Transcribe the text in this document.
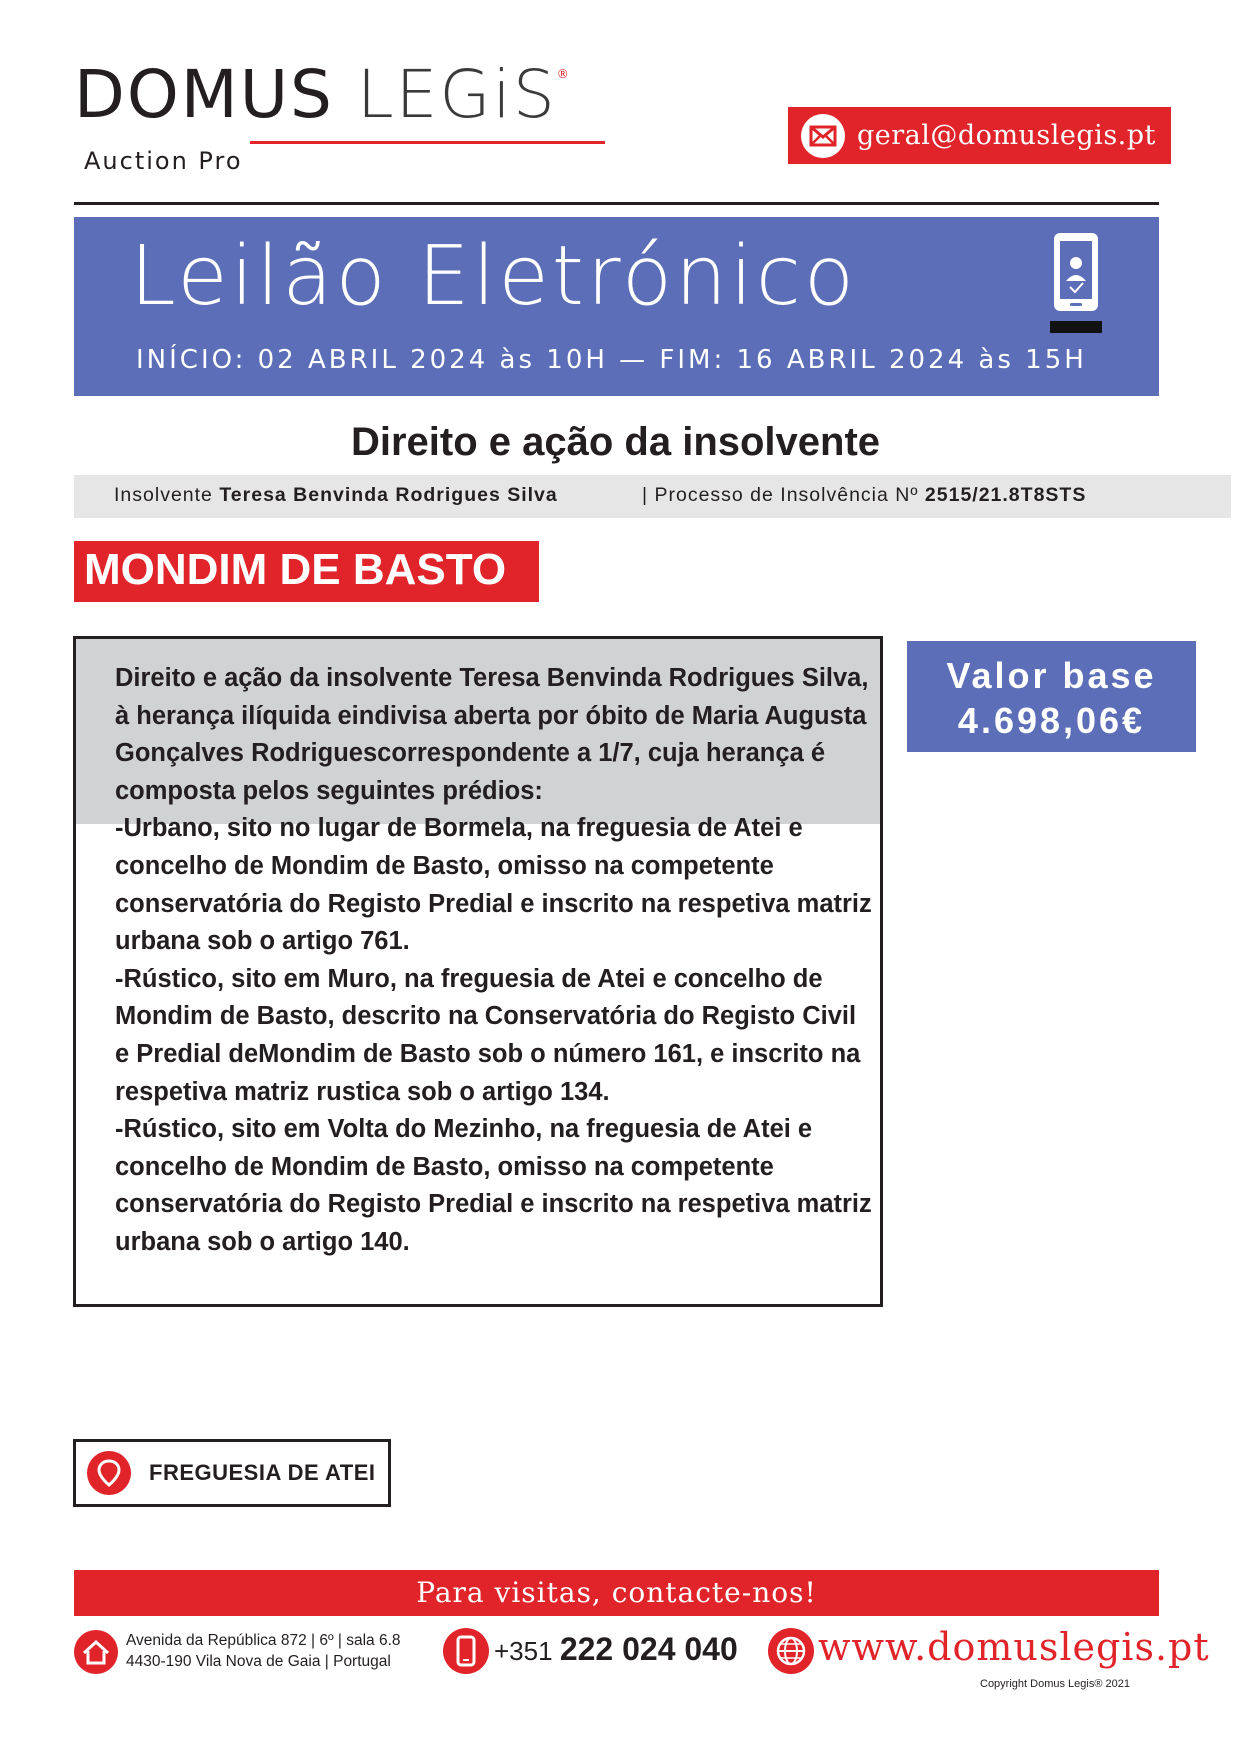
DOMUS LEGiS®
Auction Pro
geral@domuslegis.pt
Leilão Eletrónico
INÍCIO: 02 ABRIL 2024 às 10H — FIM: 16 ABRIL 2024 às 15H
Direito e ação da insolvente
Insolvente Teresa Benvinda Rodrigues Silva	| Processo de Insolvência Nº 2515/21.8T8STS
MONDIM DE BASTO

Direito e ação da insolvente Teresa Benvinda Rodrigues Silva, à herança ilíquida eindivisa aberta por óbito de Maria Augusta Gonçalves Rodriguescorrespondente a 1/7, cuja herança é composta pelos seguintes prédios:

-Urbano, sito no lugar de Bormela, na freguesia de Atei e concelho de Mondim de Basto, omisso na competente conservatória do Registo Predial e inscrito na respetiva matriz urbana sob o artigo 761.

-Rústico, sito em Muro, na freguesia de Atei e concelho de Mondim de Basto, descrito na Conservatória do Registo Civil e Predial deMondim de Basto sob o número 161, e inscrito na respetiva matriz rustica sob o artigo 134.

-Rústico, sito em Volta do Mezinho, na freguesia de Atei e concelho de Mondim de Basto, omisso na competente conservatória do Registo Predial e inscrito na respetiva matriz urbana sob o artigo 140.

Valor base
4.698,06€
FREGUESIA DE ATEI
Para visitas, contacte-nos!
Avenida da República 872 | 6º | sala 6.8
4430-190 Vila Nova de Gaia | Portugal	+351 222 024 040 www.domuslegis.pt
Copyright Domus Legis® 2021
